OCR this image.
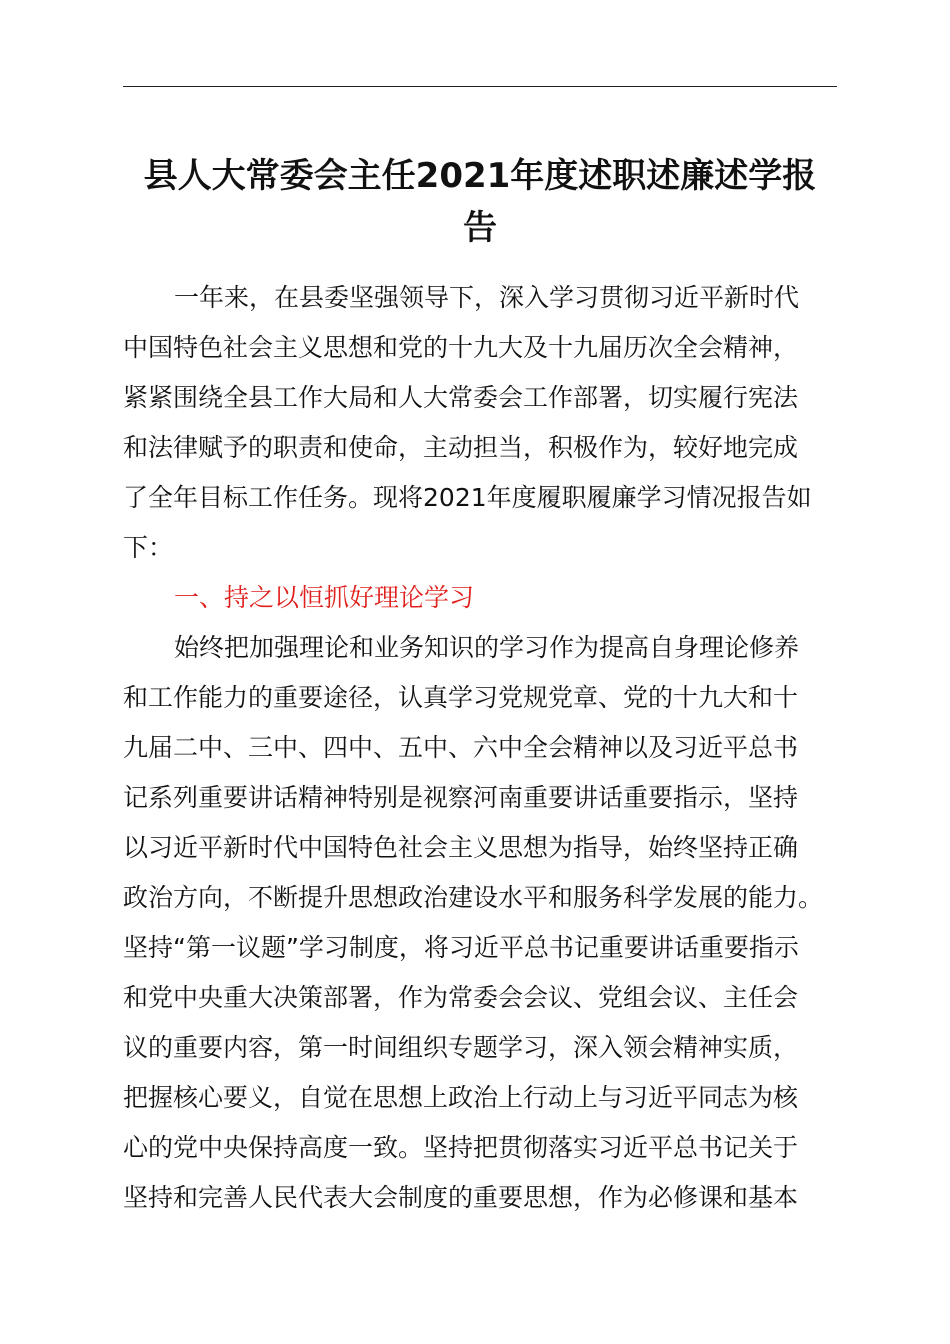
县人大常委会主任2021年度述职述廉述学报
告
一年来，在县委坚强领导下，深入学习贯彻习近平新时代
中国特色社会主义思想和党的十九大及十九届历次全会精神，
紧紧围绕全县工作大局和人大常委会工作部署，切实履行宪法
和法律赋予的职责和使命，主动担当，积极作为，较好地完成
了全年目标工作任务。现将2021年度履职履廉学习情况报告如
下：
一、持之以恒抓好理论学习
始终把加强理论和业务知识的学习作为提高自身理论修养
和工作能力的重要途径，认真学习党规党章、党的十九大和十
九届二中、三中、四中、五中、六中全会精神以及习近平总书
记系列重要讲话精神特别是视察河南重要讲话重要指示，坚持
以习近平新时代中国特色社会主义思想为指导，始终坚持正确
政治方向，不断提升思想政治建设水平和服务科学发展的能力。
坚持“第一议题”学习制度，将习近平总书记重要讲话重要指示
和党中央重大决策部署，作为常委会会议、党组会议、主任会
议的重要内容，第一时间组织专题学习，深入领会精神实质，
把握核心要义，自觉在思想上政治上行动上与习近平同志为核
心的党中央保持高度一致。坚持把贯彻落实习近平总书记关于
坚持和完善人民代表大会制度的重要思想，作为必修课和基本
